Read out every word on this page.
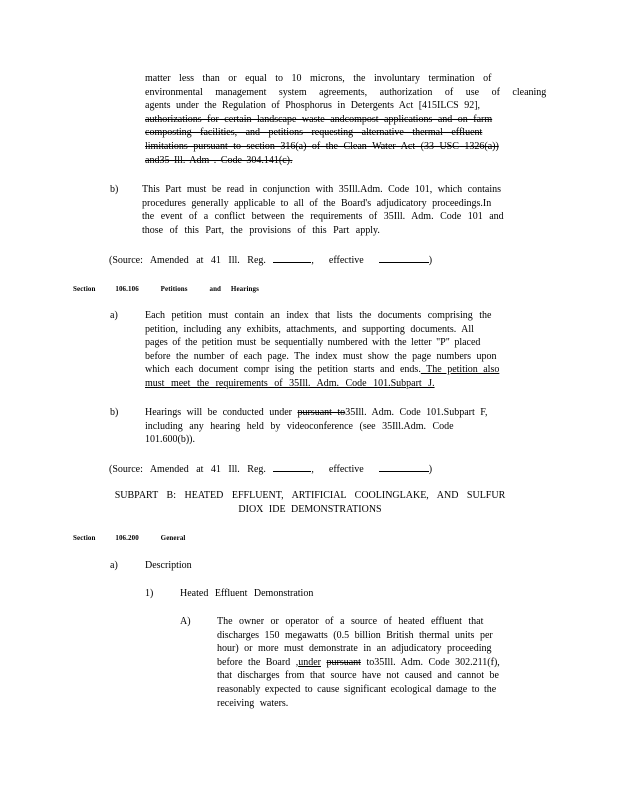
matter less than or equal to 10 microns, the involuntary termination of
environmental management system agreements, authorization of use of cleaning
agents under the Regulation of Phosphorus in Detergents Act [415ILCS 92],
authorizations for certain landscape waste andcompost applications and on farm
composting facilities, and petitions requesting alternative thermal effluent
limitations pursuant to section 316(a) of the Clean Water Act (33 USC 1326(a))
and35 Ill. Adm . Code 304.141(c).
b) This Part must be read in conjunction with 35Ill.Adm. Code 101, which contains
procedures generally applicable to all of the Board's adjudicatory proceedings.In
the event of a conflict between the requirements of 35Ill. Adm. Code 101 and
those of this Part, the provisions of this Part apply.
(Source: Amended at 41 Ill. Reg.	, effective	)
Section	106.106	Petitions	and Hearings
a)	Each petition must contain an index that lists the documents comprising the
petition, including any exhibits, attachments, and supporting documents. All
pages of the petition must be sequentially numbered with the letter "P" placed
before the number of each page. The index must show the page numbers upon
which each document compr ising the petition starts and ends. The petition also
must meet the requirements of 35Ill. Adm. Code 101.Subpart J.
b)	Hearings will be conducted under pursuant to35Ill. Adm. Code 101.Subpart F,
including any hearing held by videoconference (see 35Ill.Adm. Code
101.600(b)).
(Source: Amended at 41 Ill. Reg.	, effective	)
SUBPART B: HEATED EFFLUENT, ARTIFICIAL COOLINGLAKE, AND SULFUR
DIOX IDE DEMONSTRATIONS
Section	106.200	General
a)	Description
1)	Heated Effluent Demonstration
A)	The owner or operator of a source of heated effluent that
discharges 150 megawatts (0.5 billion British thermal units per
hour) or more must demonstrate in an adjudicatory proceeding
before the Board ,under pursuant to35Ill. Adm. Code 302.211(f),
that discharges from that source have not caused and cannot be
reasonably expected to cause significant ecological damage to the
receiving waters.
